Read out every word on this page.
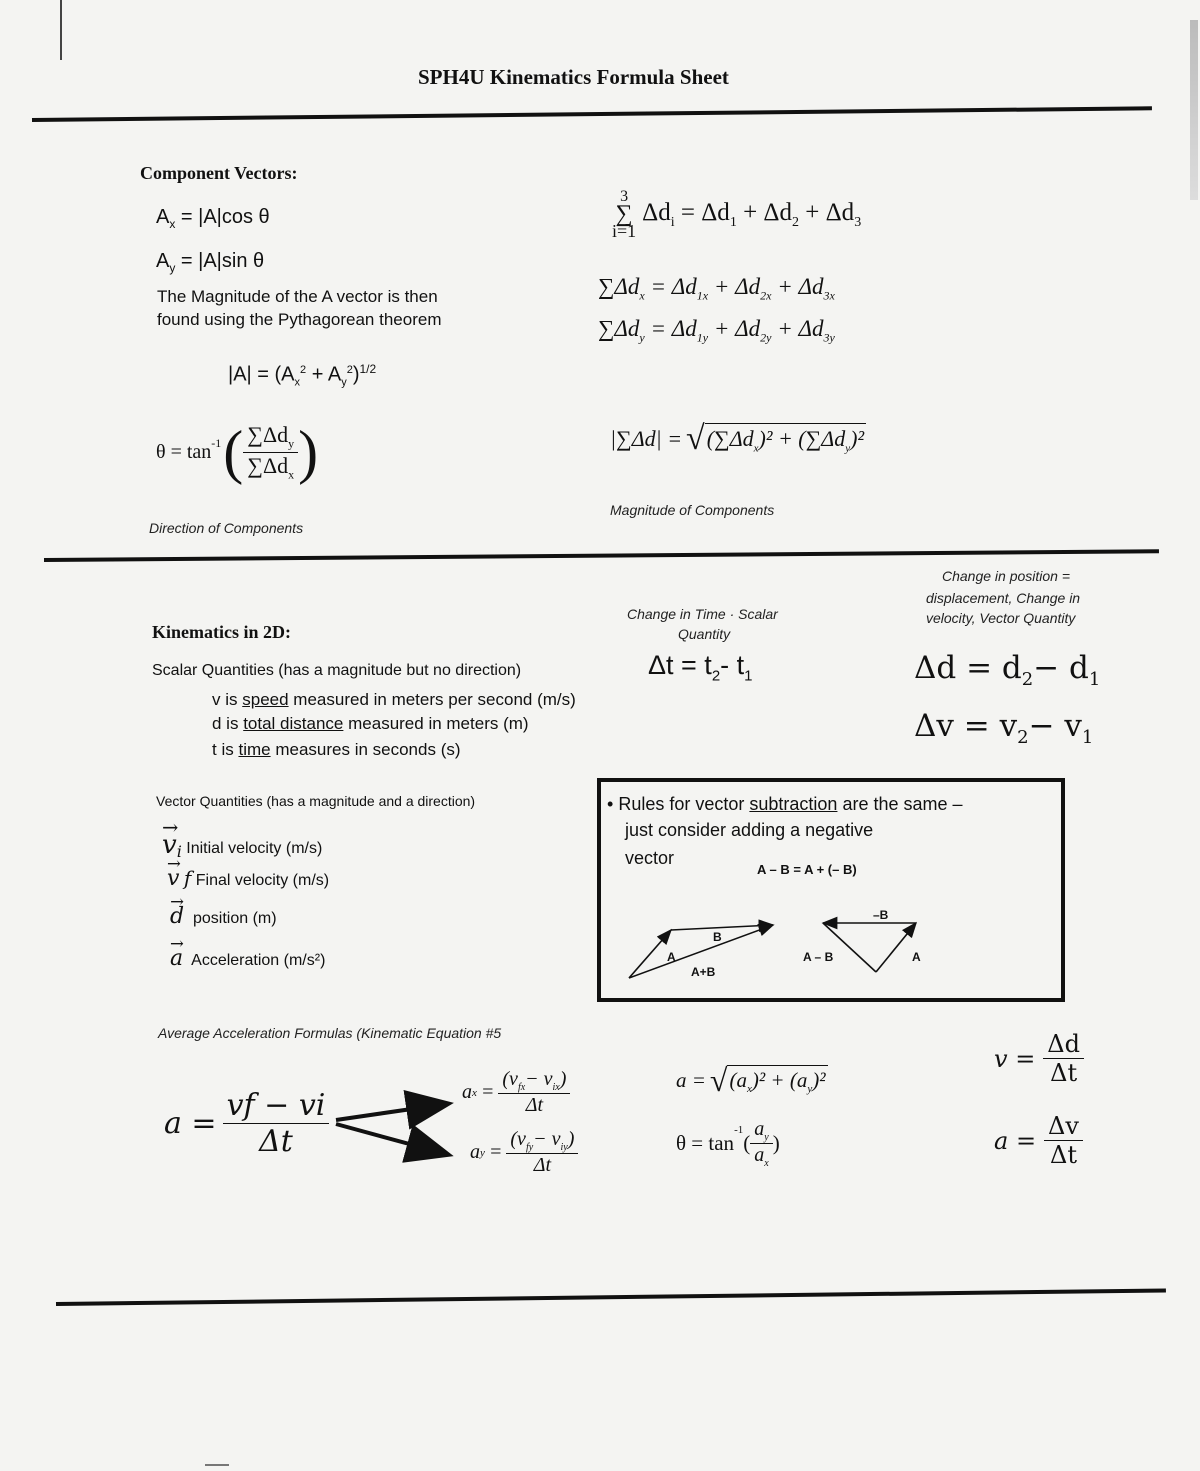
SPH4U Kinematics Formula Sheet
Component Vectors:
$A_x = |A|\cos$ θ
$A_y = |A|\sin$ θ
The Magnitude of the A vector is then
found using the Pythagorean theorem
$|A| = (A_x^2 + A_y^2)^{1/2}$
$\theta = \tan^{-1}$ ( $\frac{\sum\Delta d_y}{\sum\Delta d_x}$ )
Direction of Components
3
∑
i=1
$\Delta d_i = \Delta d_1 + \Delta d_2 + \Delta d_3$
$\sum\Delta d_x = \Delta d_{1x} + \Delta d_{2x} + \Delta d_{3x}$
$\sum\Delta d_y = \Delta d_{1y} + \Delta d_{2y} + \Delta d_{3y}$
|∑Δd| = √ $(\sum\Delta d_x)^2 + (\sum\Delta d_y)^2$
Magnitude of Components
Kinematics in 2D:
Scalar Quantities (has a magnitude but no direction)
v is speed measured in meters per second (m/s)
d is total distance measured in meters (m)
t is time measures in seconds (s)
Change in Time · Scalar
Quantity
$\Delta t = t_2-$ $t_1$
Change in position =
displacement, Change in
velocity, Vector Quantity
$\Delta d = d_2- d_1$
$\Delta v = v_2- v_1$
Vector Quantities (has a magnitude and a direction)
→ $v_i$ Initial velocity (m/s)
→ v f Final velocity (m/s)
→ d position (m)
→ a Acceleration (m/s²)
• Rules for vector subtraction are the same –
just consider adding a negative
vector
A – B = A + (– B)
A
B
A+B
–B
A – B	A
Average Acceleration Formulas (Kinematic Equation #5
$a = \frac{vf - vi}{\Delta t}$	a $x = \frac{(v_{fx}- v_{ix})}{\Delta t}$
a $y = \frac{(v_{fy}- v_{iy})}{\Delta t}$
a = √ $(a_x)^2 + (a_y)^2$
θ = tan
$^{-1}$
( $\frac{a_y}{a_x}$ )
$v = \frac{\Delta d}{\Delta t}$
$a = \frac{\Delta v}{\Delta t}$
